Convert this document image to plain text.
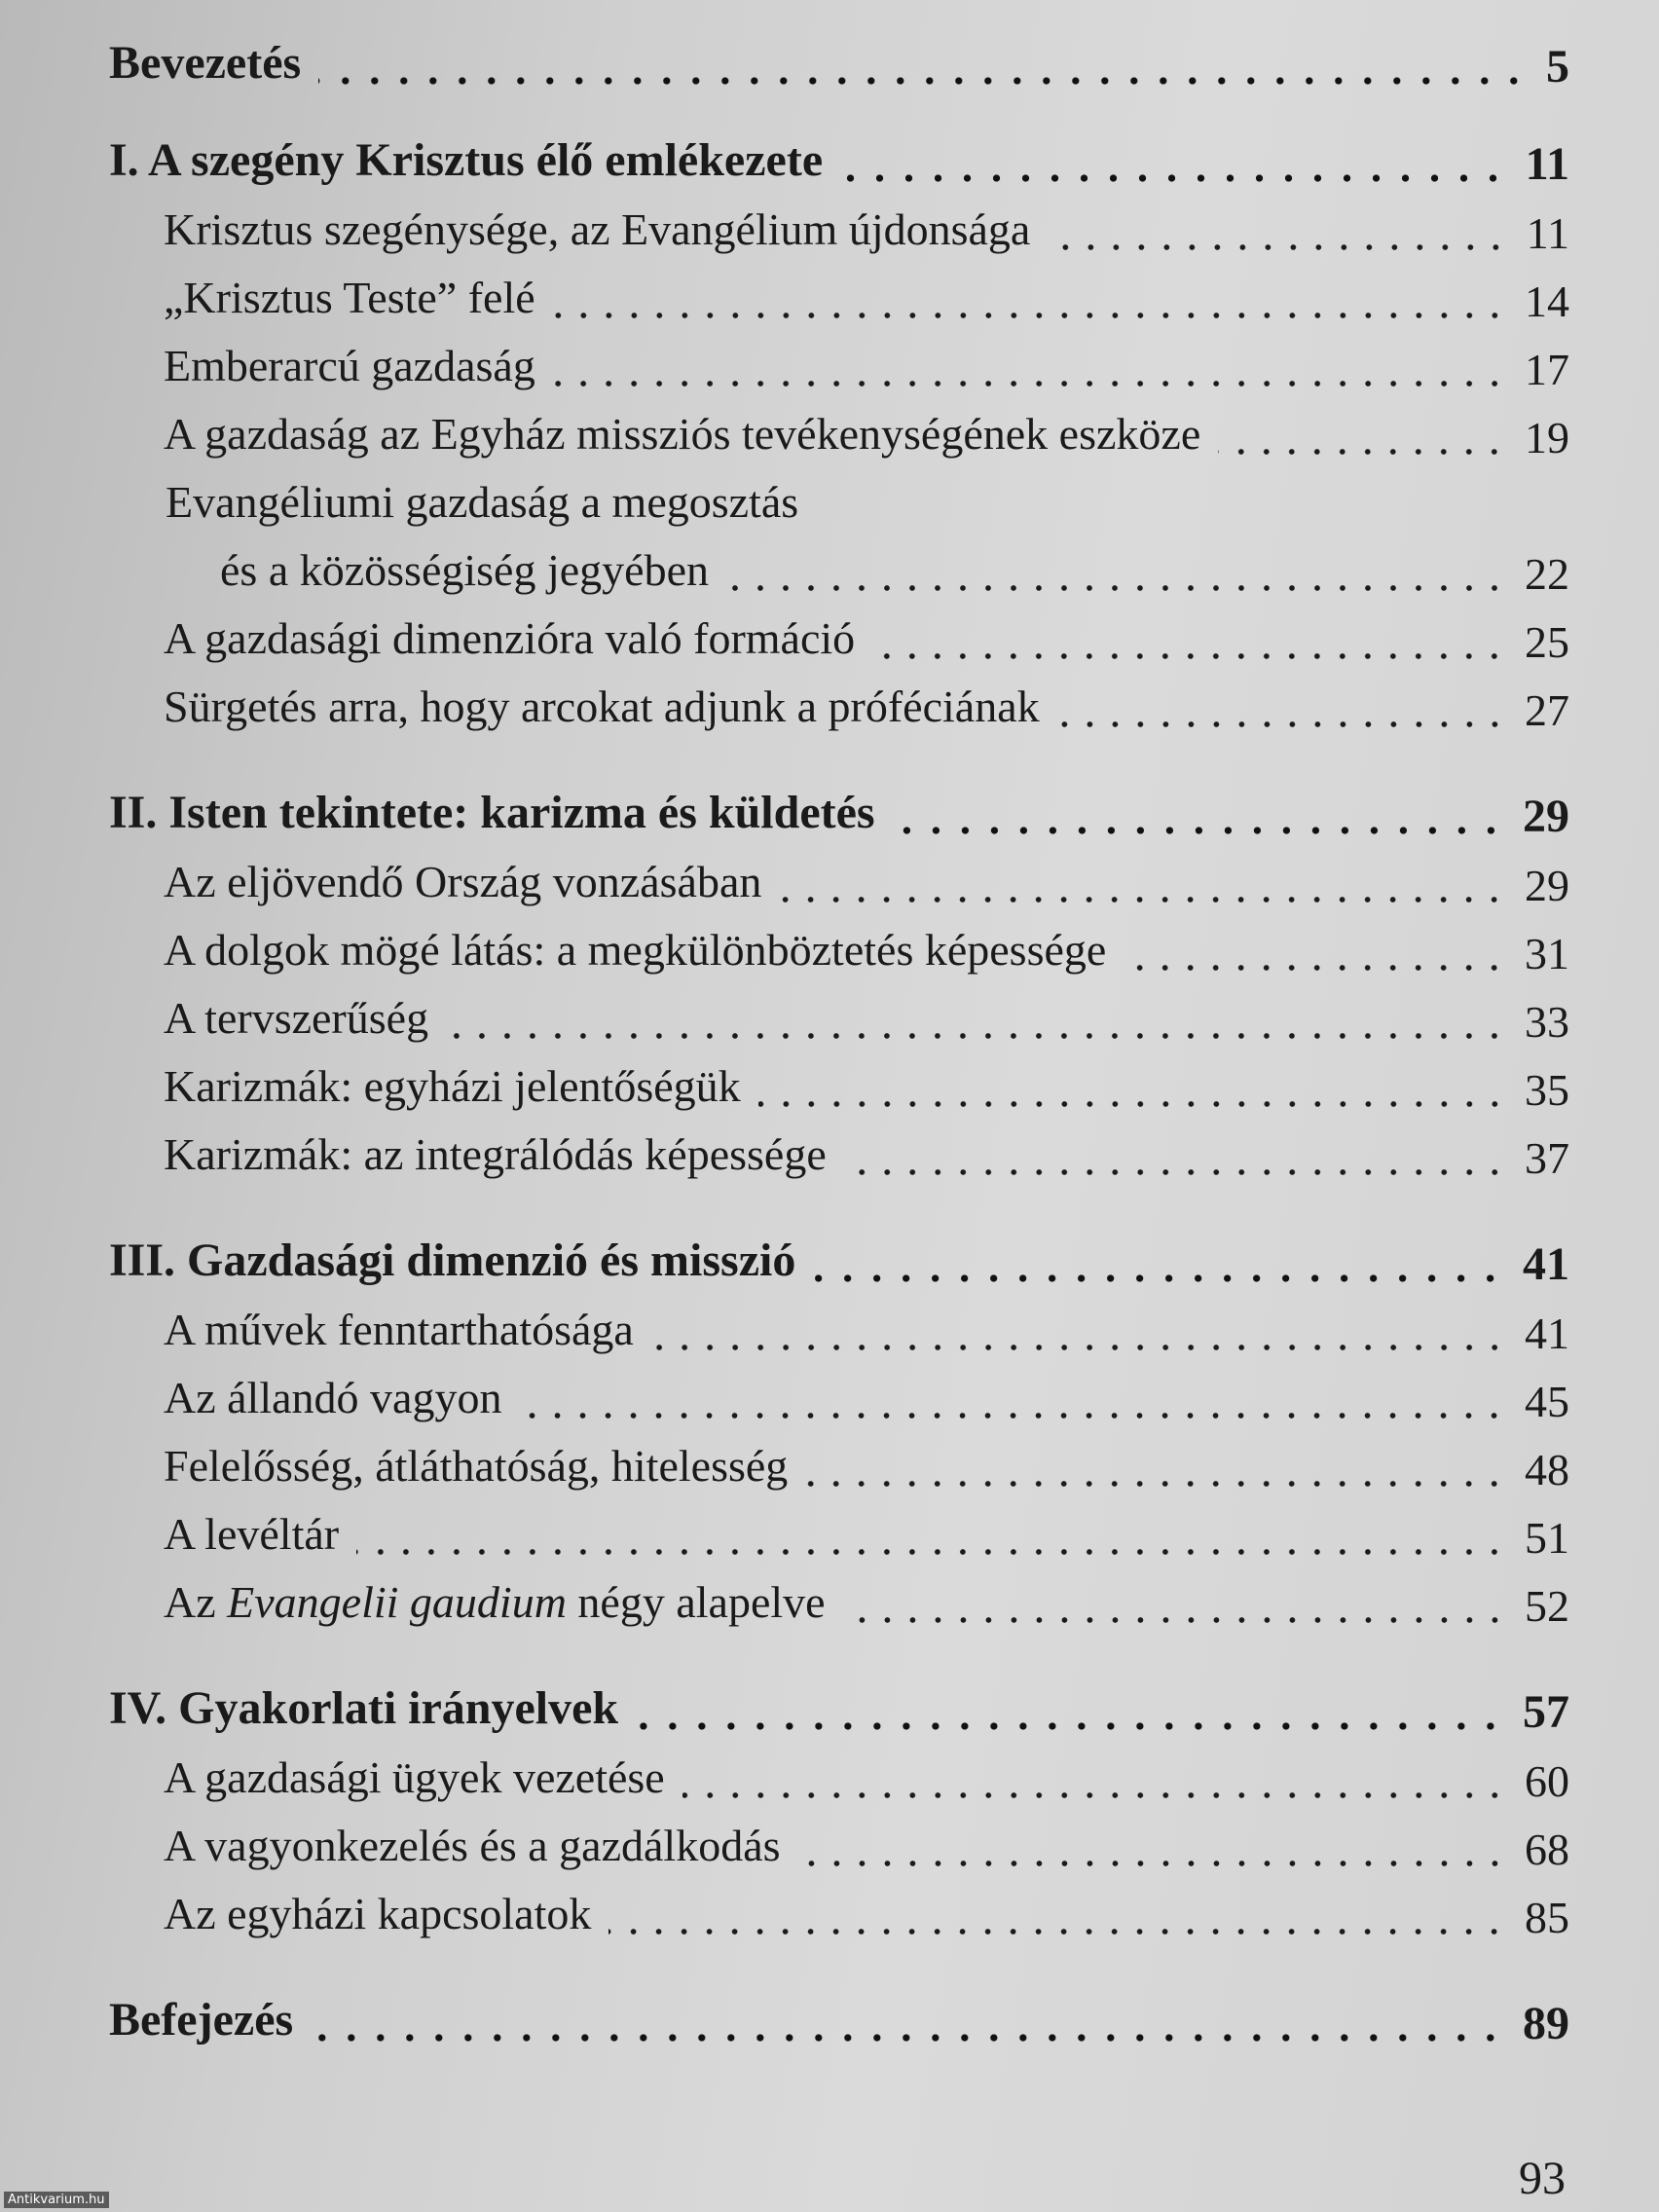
Bevezetés	5
I. A szegény Krisztus élő emlékezete	11
Krisztus szegénysége, az Evangélium újdonsága	11
„Krisztus Teste” felé	14
Emberarcú gazdaság	17
A gazdaság az Egyház missziós tevékenységének eszköze	19
Evangéliumi gazdaság a megosztás
és a közösségiség jegyében	22
A gazdasági dimenzióra való formáció	25
Sürgetés arra, hogy arcokat adjunk a próféciának	27
II. Isten tekintete: karizma és küldetés	29
Az eljövendő Ország vonzásában	29
A dolgok mögé látás: a megkülönböztetés képessége	31
A tervszerűség	33
Karizmák: egyházi jelentőségük	35
Karizmák: az integrálódás képessége	37
III. Gazdasági dimenzió és misszió	41
A művek fenntarthatósága	41
Az állandó vagyon	45
Felelősség, átláthatóság, hitelesség	48
A levéltár	51
Az Evangelii gaudium négy alapelve	52
IV. Gyakorlati irányelvek	57
A gazdasági ügyek vezetése	60
A vagyonkezelés és a gazdálkodás	68
Az egyházi kapcsolatok	85
Befejezés	89
93
Antikvarium.hu
